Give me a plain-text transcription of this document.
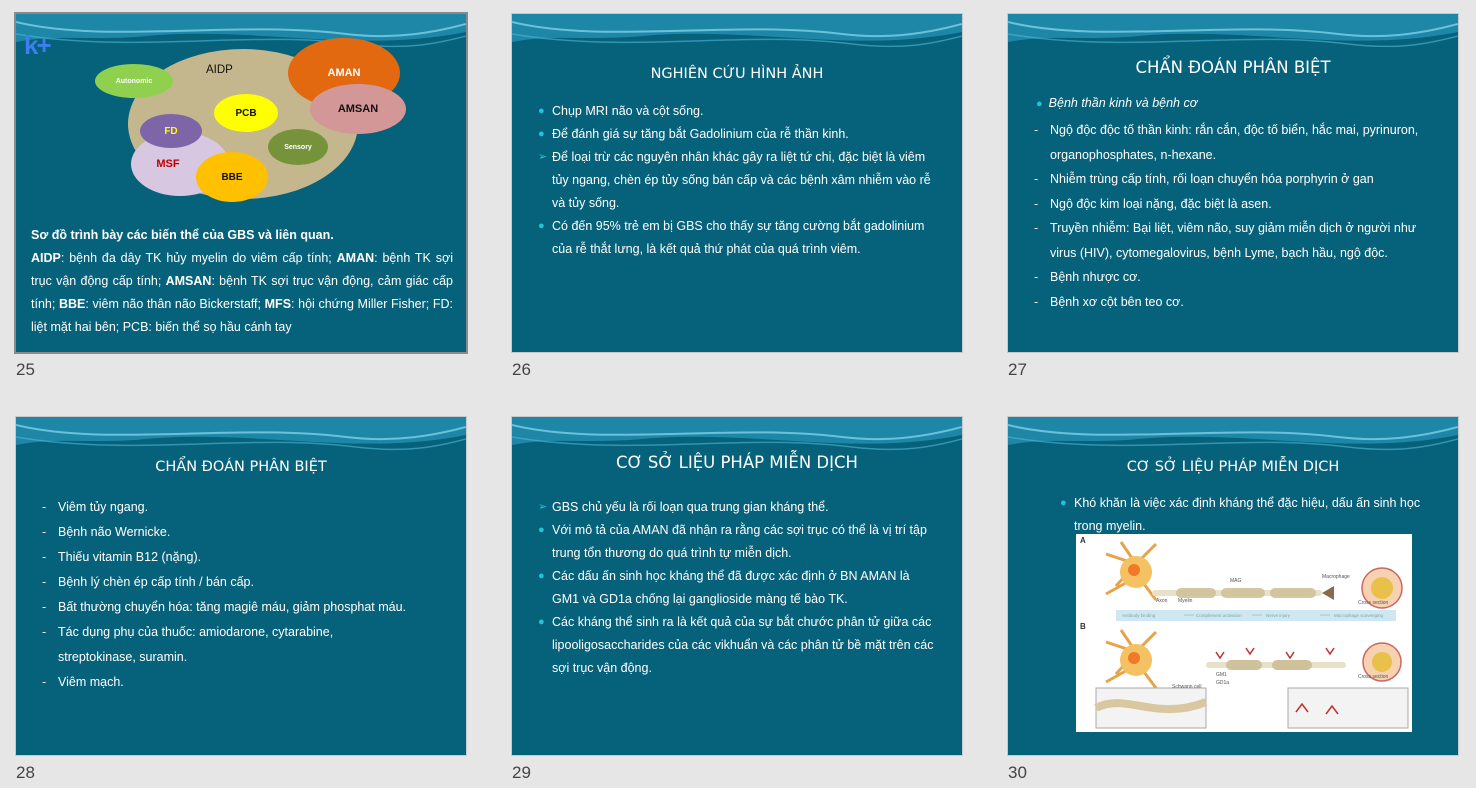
k+
AIDP	AMAN
AMSAN
Autonomic
PCB
MSF
FD
Sensory
BBE
Sơ đồ trình bày các biến thể của GBS và liên quan.
AIDP: bệnh đa dây TK hủy myelin do viêm cấp tính; AMAN: bệnh TK sợi trục vận động cấp tính; AMSAN: bệnh TK sợi trục vận động, cảm giác cấp tính; BBE: viêm não thân não Bickerstaff; MFS: hội chứng Miller Fisher; FD: liệt mặt hai bên; PCB: biến thể sọ hầu cánh tay
25
NGHIÊN CỨU HÌNH ẢNH
● Chụp MRI não và cột sống.
● Để đánh giá sự tăng bắt Gadolinium của rễ thần kinh.
➢ Để loại trừ các nguyên nhân khác gây ra liệt tứ chi, đặc biệt là viêm tủy ngang, chèn ép tủy sống bán cấp và các bệnh xâm nhiễm vào rễ và tủy sống.
● Có đến 95% trẻ em bị GBS cho thấy sự tăng cường bắt gadolinium của rễ thắt lưng, là kết quả thứ phát của quá trình viêm.
26
CHẨN ĐOÁN PHÂN BIỆT
● Bệnh thần kinh và bệnh cơ
- Ngộ độc độc tố thần kinh: rắn cắn, độc tố biển, hắc mai, pyrinuron, organophosphates, n-hexane.
- Nhiễm trùng cấp tính, rối loạn chuyển hóa porphyrin ở gan
- Ngộ độc kim loại nặng, đặc biệt là asen.
- Truyền nhiễm: Bại liệt, viêm não, suy giảm miễn dịch ở người như virus (HIV), cytomegalovirus, bệnh Lyme, bạch hầu, ngộ độc.
- Bệnh nhược cơ.
- Bệnh xơ cột bên teo cơ.
27
CHẨN ĐOÁN PHÂN BIỆT
- Viêm tủy ngang.
- Bệnh não Wernicke.
- Thiếu vitamin B12 (nặng).
- Bệnh lý chèn ép cấp tính / bán cấp.
- Bất thường chuyển hóa: tăng magiê máu, giảm phosphat máu.
- Tác dụng phụ của thuốc: amiodarone, cytarabine, streptokinase, suramin.
- Viêm mạch.
28
CƠ SỞ LIỆU PHÁP MIỄN DỊCH
➢ GBS chủ yếu là rối loạn qua trung gian kháng thể.
● Với mô tả của AMAN đã nhận ra rằng các sợi trục có thể là vị trí tập trung tổn thương do quá trình tự miễn dịch.
● Các dấu ấn sinh học kháng thể đã được xác định ở BN AMAN là GM1 và GD1a chống lại ganglioside màng tế bào TK.
● Các kháng thể sinh ra là kết quả của sự bắt chước phân tử giữa các lipooligosaccharides của các vikhuẩn và các phân tử bề mặt trên các sợi trục vận động.
29
CƠ SỞ LIỆU PHÁP MIỄN DỊCH
● Khó khăn là việc xác định kháng thể đặc hiệu, dấu ấn sinh học trong myelin.
A
B
Macrophage
MAG
Axon Myelin
GM1
GD1a
Schwann cell
Cross section
Cross section
Antibody binding	Complement activation	Nerve injury	Macrophage scavenging
30
